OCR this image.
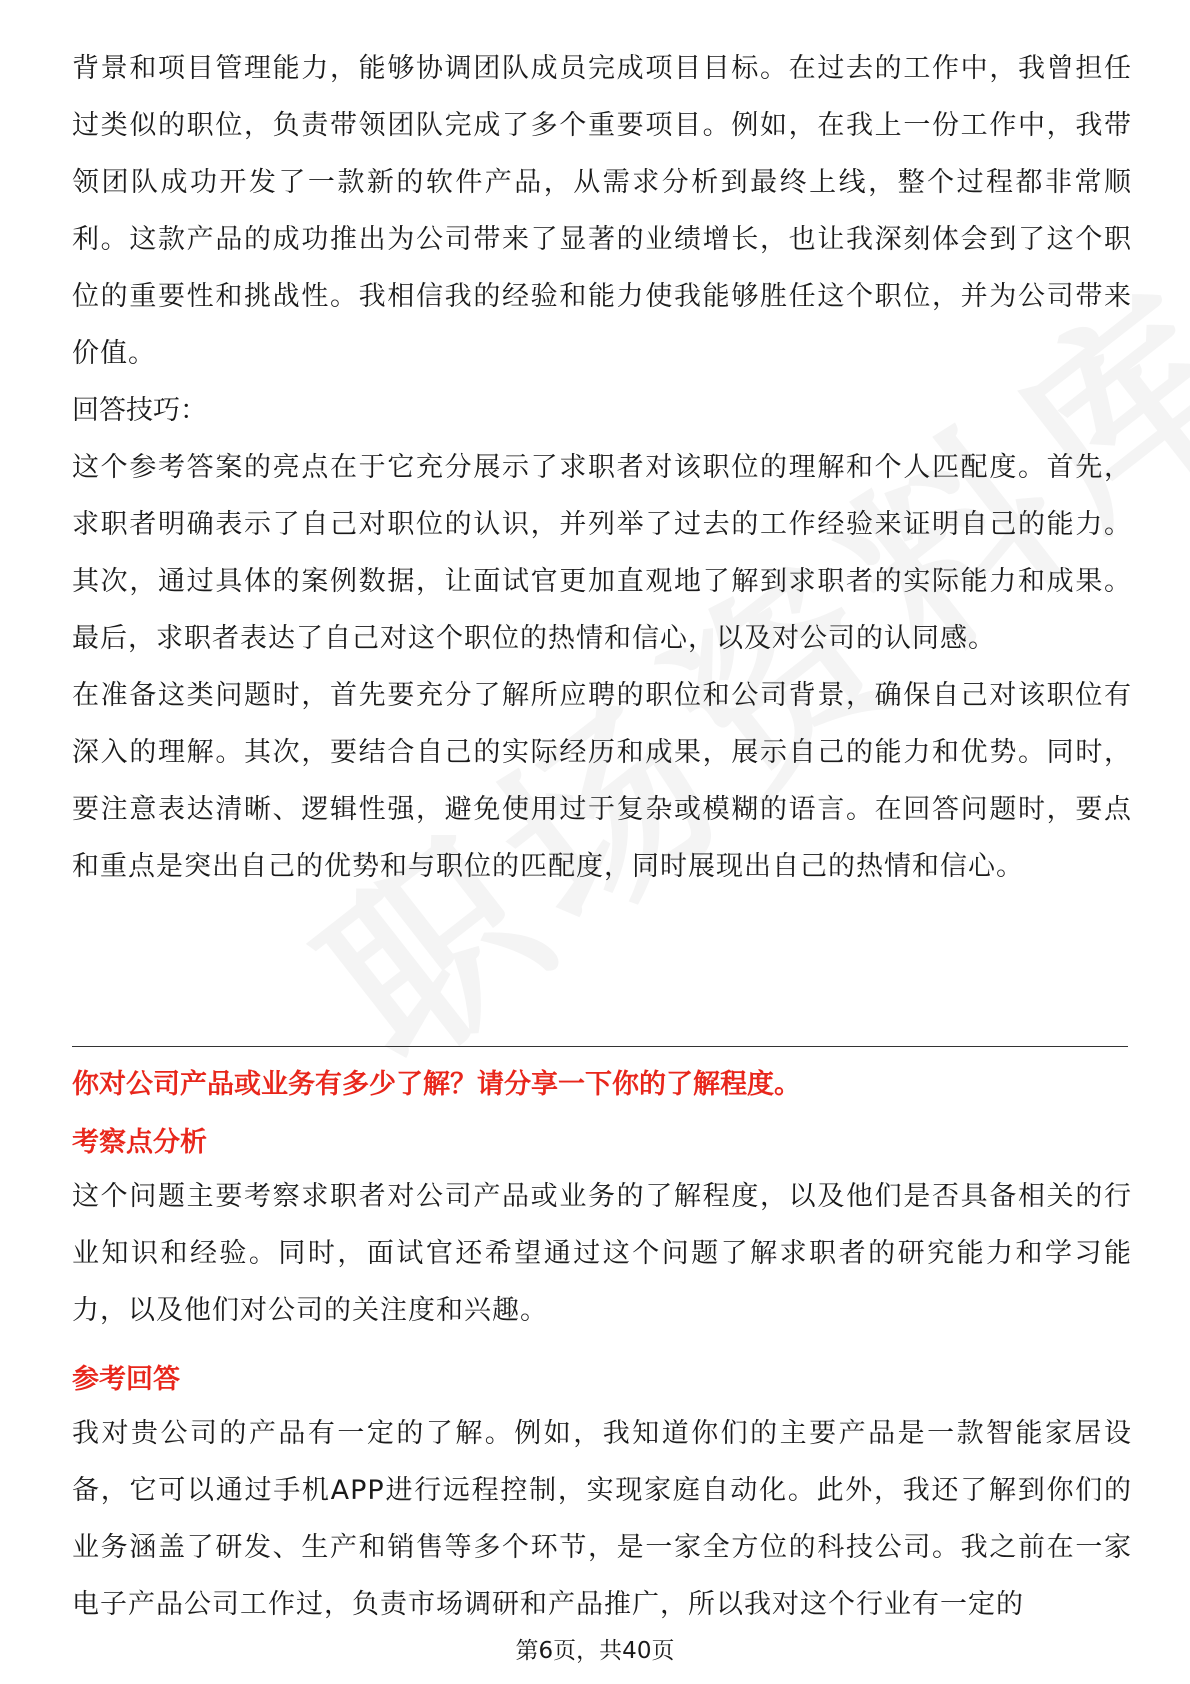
背景和项目管理能力，能够协调团队成员完成项目目标。在过去的工作中，我曾担任过类似的职位，负责带领团队完成了多个重要项目。例如，在我上一份工作中，我带领团队成功开发了一款新的软件产品，从需求分析到最终上线，整个过程都非常顺利。这款产品的成功推出为公司带来了显著的业绩增长，也让我深刻体会到了这个职位的重要性和挑战性。我相信我的经验和能力使我能够胜任这个职位，并为公司带来价值。

回答技巧：

这个参考答案的亮点在于它充分展示了求职者对该职位的理解和个人匹配度。首先，求职者明确表示了自己对职位的认识，并列举了过去的工作经验来证明自己的能力。其次，通过具体的案例数据，让面试官更加直观地了解到求职者的实际能力和成果。最后，求职者表达了自己对这个职位的热情和信心，以及对公司的认同感。

在准备这类问题时，首先要充分了解所应聘的职位和公司背景，确保自己对该职位有深入的理解。其次，要结合自己的实际经历和成果，展示自己的能力和优势。同时，要注意表达清晰、逻辑性强，避免使用过于复杂或模糊的语言。在回答问题时，要点和重点是突出自己的优势和与职位的匹配度，同时展现出自己的热情和信心。

你对公司产品或业务有多少了解？请分享一下你的了解程度。
考察点分析

这个问题主要考察求职者对公司产品或业务的了解程度，以及他们是否具备相关的行业知识和经验。同时，面试官还希望通过这个问题了解求职者的研究能力和学习能力，以及他们对公司的关注度和兴趣。

参考回答

我对贵公司的产品有一定的了解。例如，我知道你们的主要产品是一款智能家居设备，它可以通过手机APP进行远程控制，实现家庭自动化。此外，我还了解到你们的业务涵盖了研发、生产和销售等多个环节，是一家全方位的科技公司。我之前在一家电子产品公司工作过，负责市场调研和产品推广，所以我对这个行业有一定的

第6页，共40页
